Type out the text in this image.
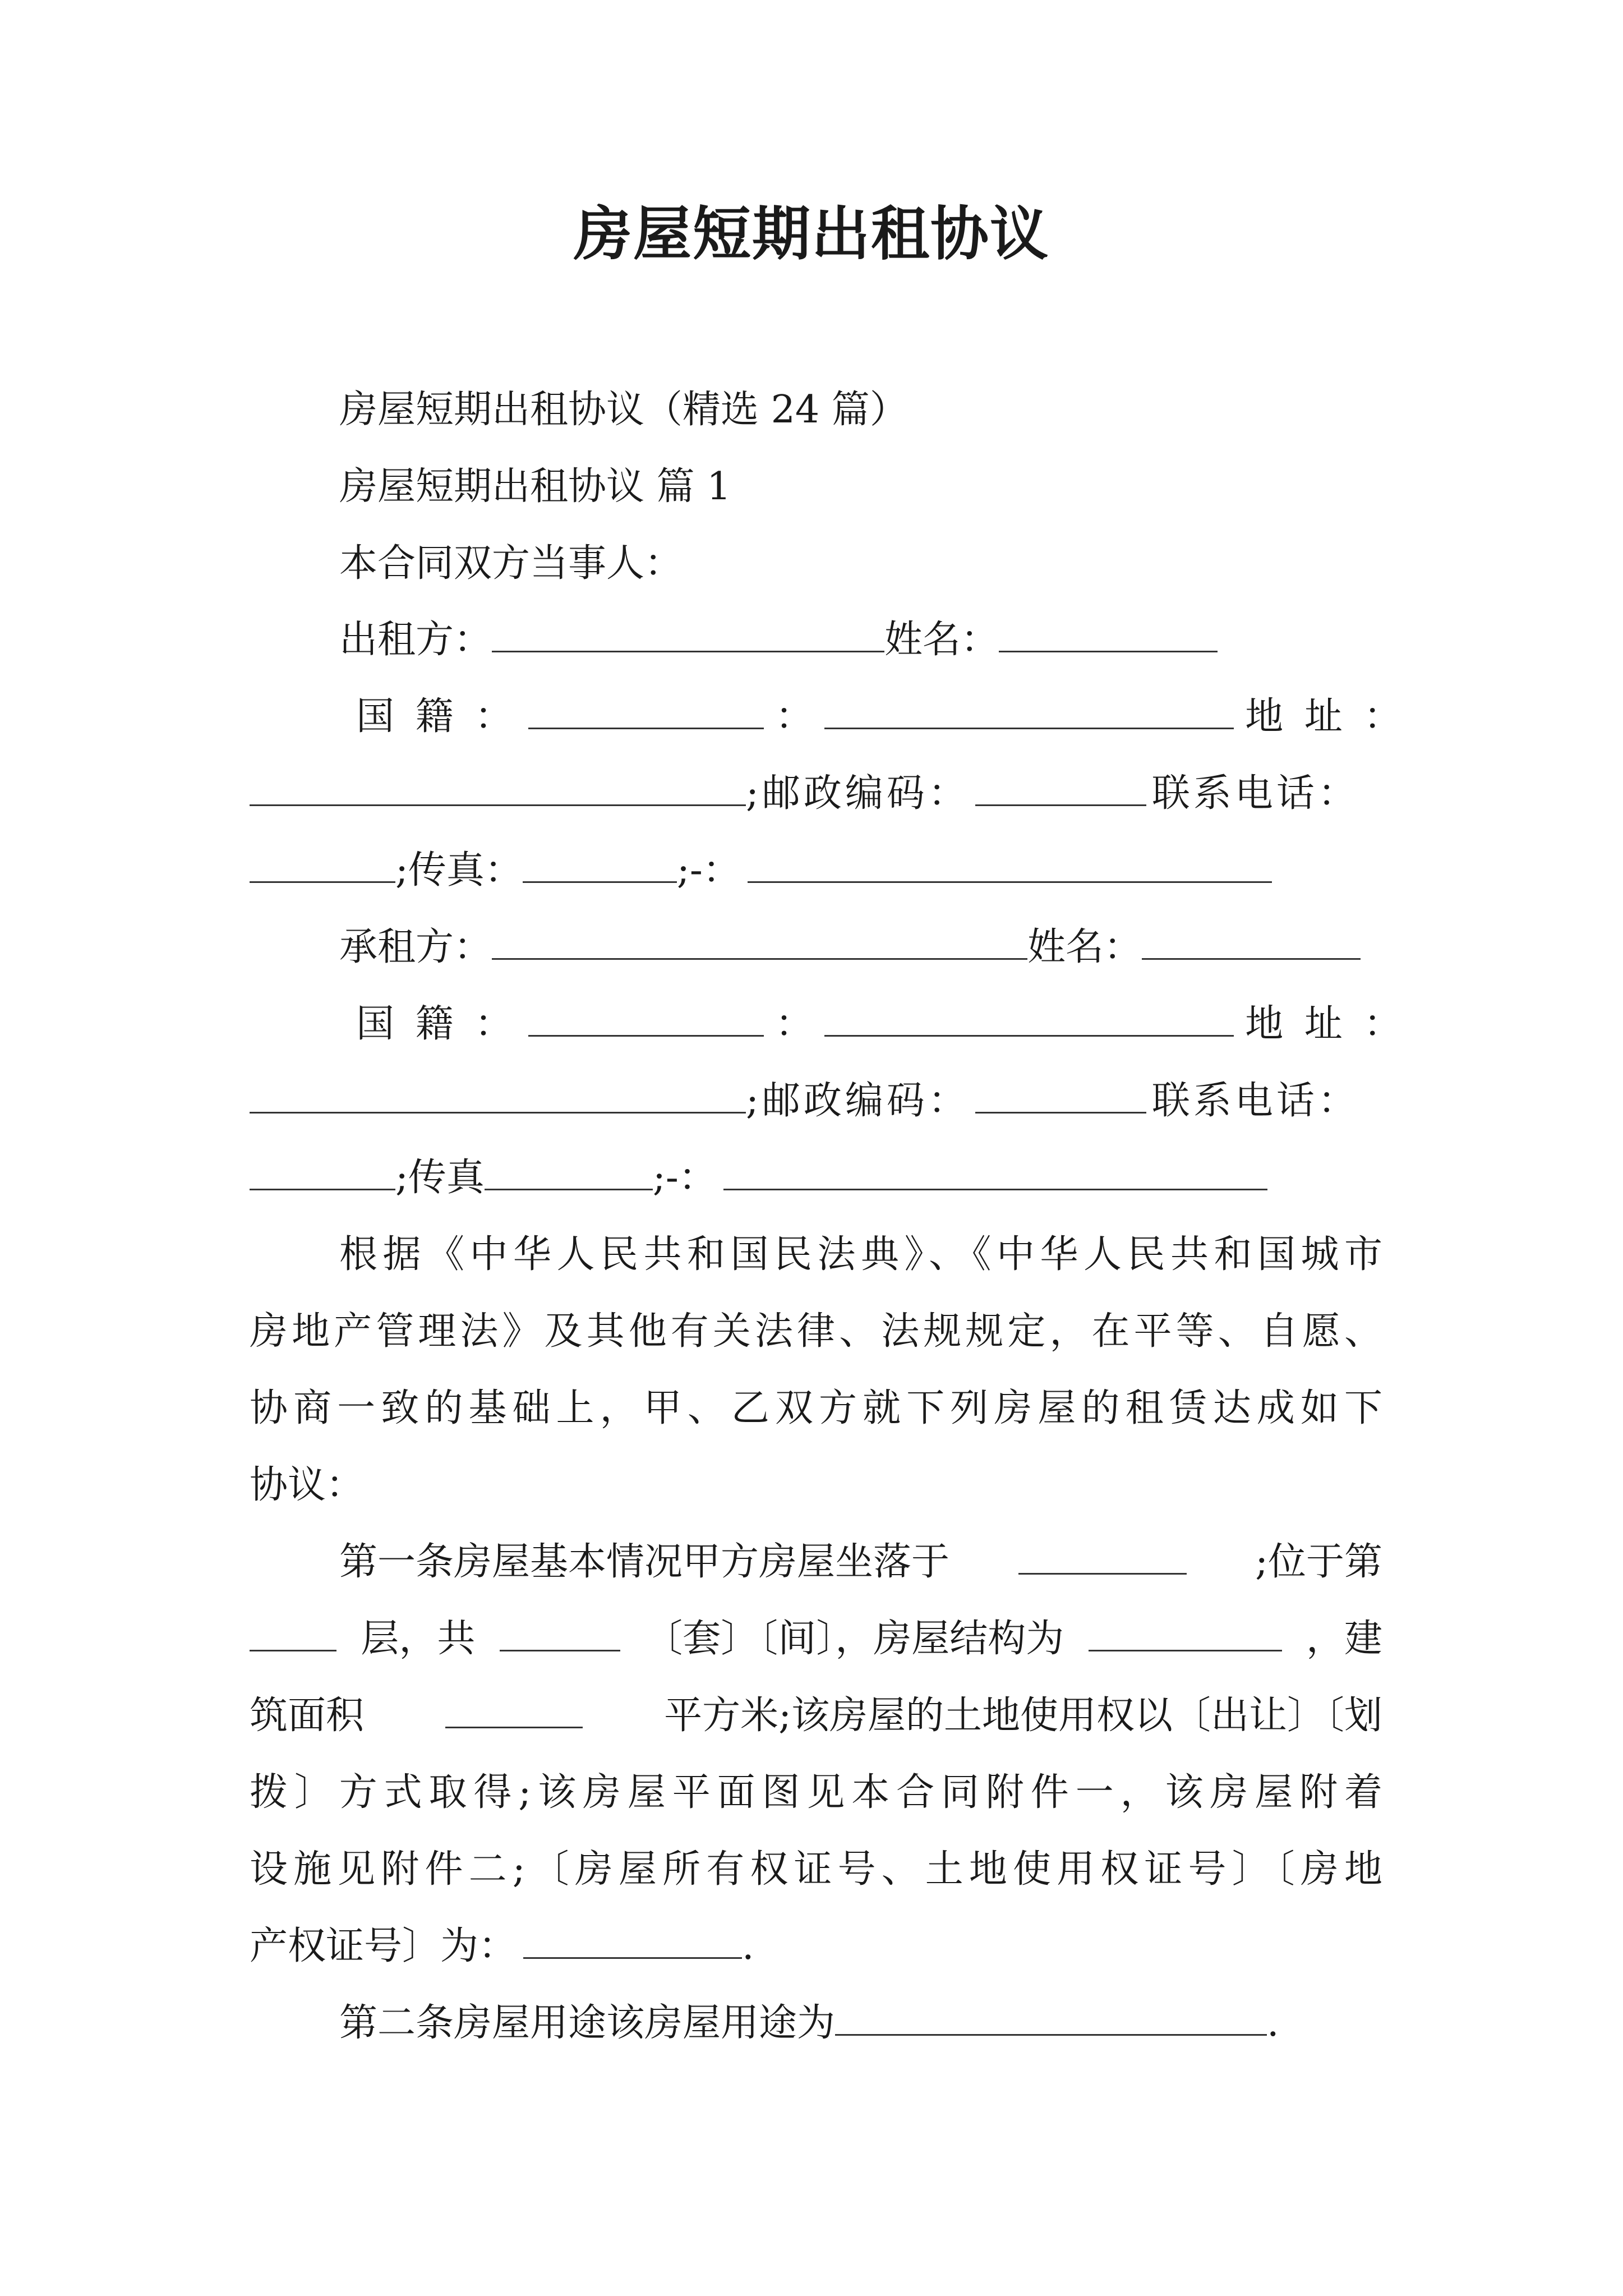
房屋短期出租协议
房屋短期出租协议（精选 24 篇）
房屋短期出租协议 篇 1
本合同双方当事人：
出租方：	姓名：
国 籍 ：	：	地 址 ：
;邮政编码：	联系电话：
;传真：	;-：
承租方：	姓名：
国 籍 ：	：	地 址 ：
;邮政编码：	联系电话：
;传真	;-：
根据《中华人民共和国民法典》、《中华人民共和国城市
房地产管理法》及其他有关法律、法规规定，在平等、自愿、
协商一致的基础上，甲、乙双方就下列房屋的租赁达成如下
协议：
第一条房屋基本情况甲方房屋坐落于	;位于第
层，共	〔套〕〔间〕，房屋结构为	，建
筑面积	平方米;该房屋的土地使用权以〔出让〕〔划
拨〕方式取得;该房屋平面图见本合同附件一，该房屋附着
设施见附件二;〔房屋所有权证号、土地使用权证号〕〔房地
产权证号〕为：	.
第二条房屋用途该房屋用途为	.
